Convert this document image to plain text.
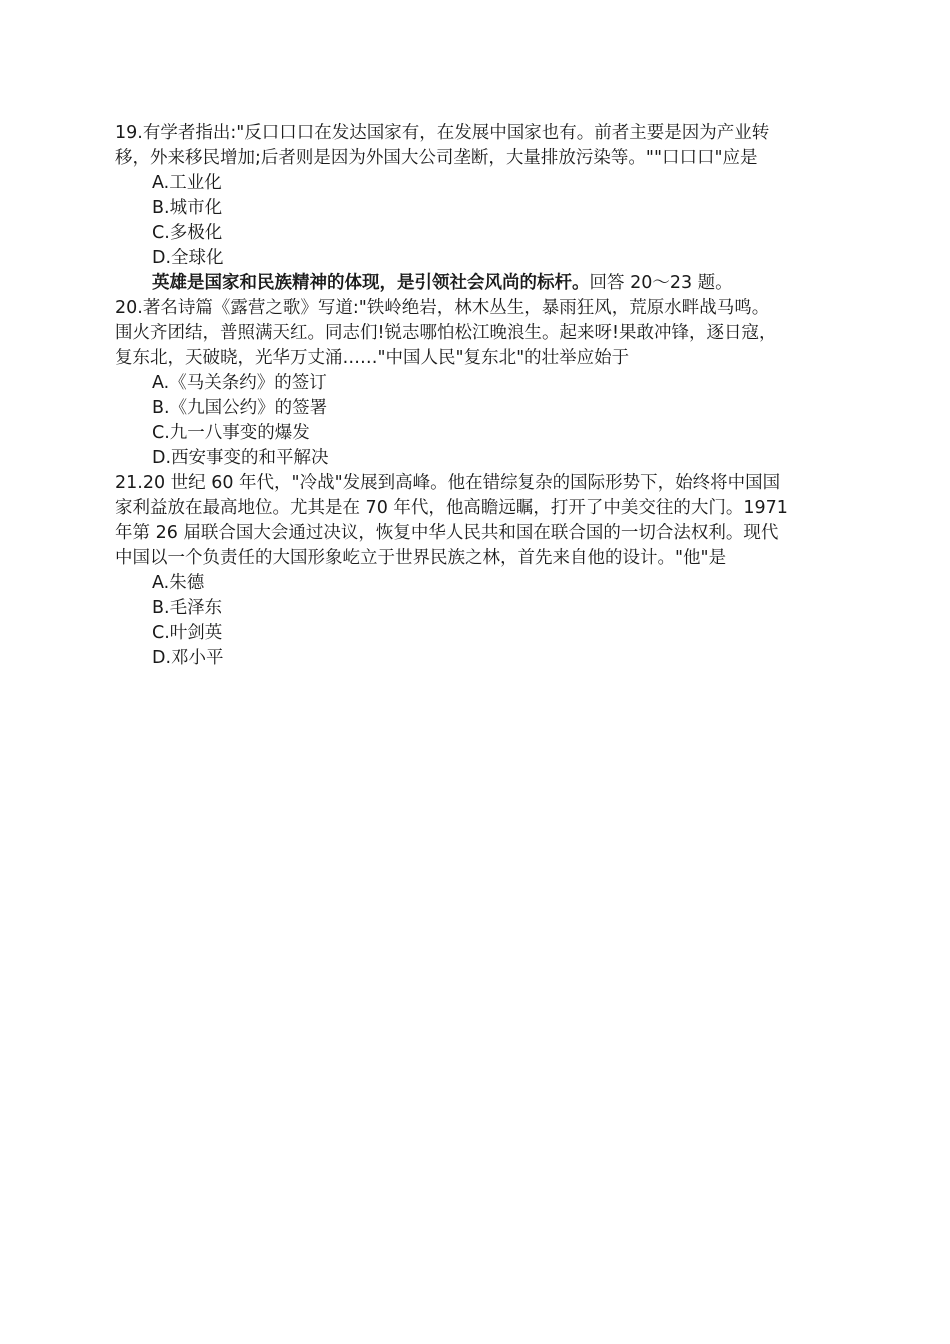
19.有学者指出:"反口口口在发达国家有，在发展中国家也有。前者主要是因为产业转
移，外来移民增加;后者则是因为外国大公司垄断，大量排放污染等。""口口口"应是
A.工业化
B.城市化
C.多极化
D.全球化
英雄是国家和民族精神的体现，是引领社会风尚的标杆。回答 20～23 题。
20.著名诗篇《露营之歌》写道:"铁岭绝岩，林木丛生，暴雨狂风，荒原水畔战马鸣。
围火齐团结，普照满天红。同志们!锐志哪怕松江晚浪生。起来呀!果敢冲锋，逐日寇，
复东北，天破晓，光华万丈涌……"中国人民"复东北"的壮举应始于
A.《马关条约》的签订
B.《九国公约》的签署
C.九一八事变的爆发
D.西安事变的和平解决
21.20 世纪 60 年代，"冷战"发展到高峰。他在错综复杂的国际形势下，始终将中国国
家利益放在最高地位。尤其是在 70 年代，他高瞻远瞩，打开了中美交往的大门。1971
年第 26 届联合国大会通过决议，恢复中华人民共和国在联合国的一切合法权利。现代
中国以一个负责任的大国形象屹立于世界民族之林，首先来自他的设计。"他"是
A.朱德
B.毛泽东
C.叶剑英
D.邓小平
